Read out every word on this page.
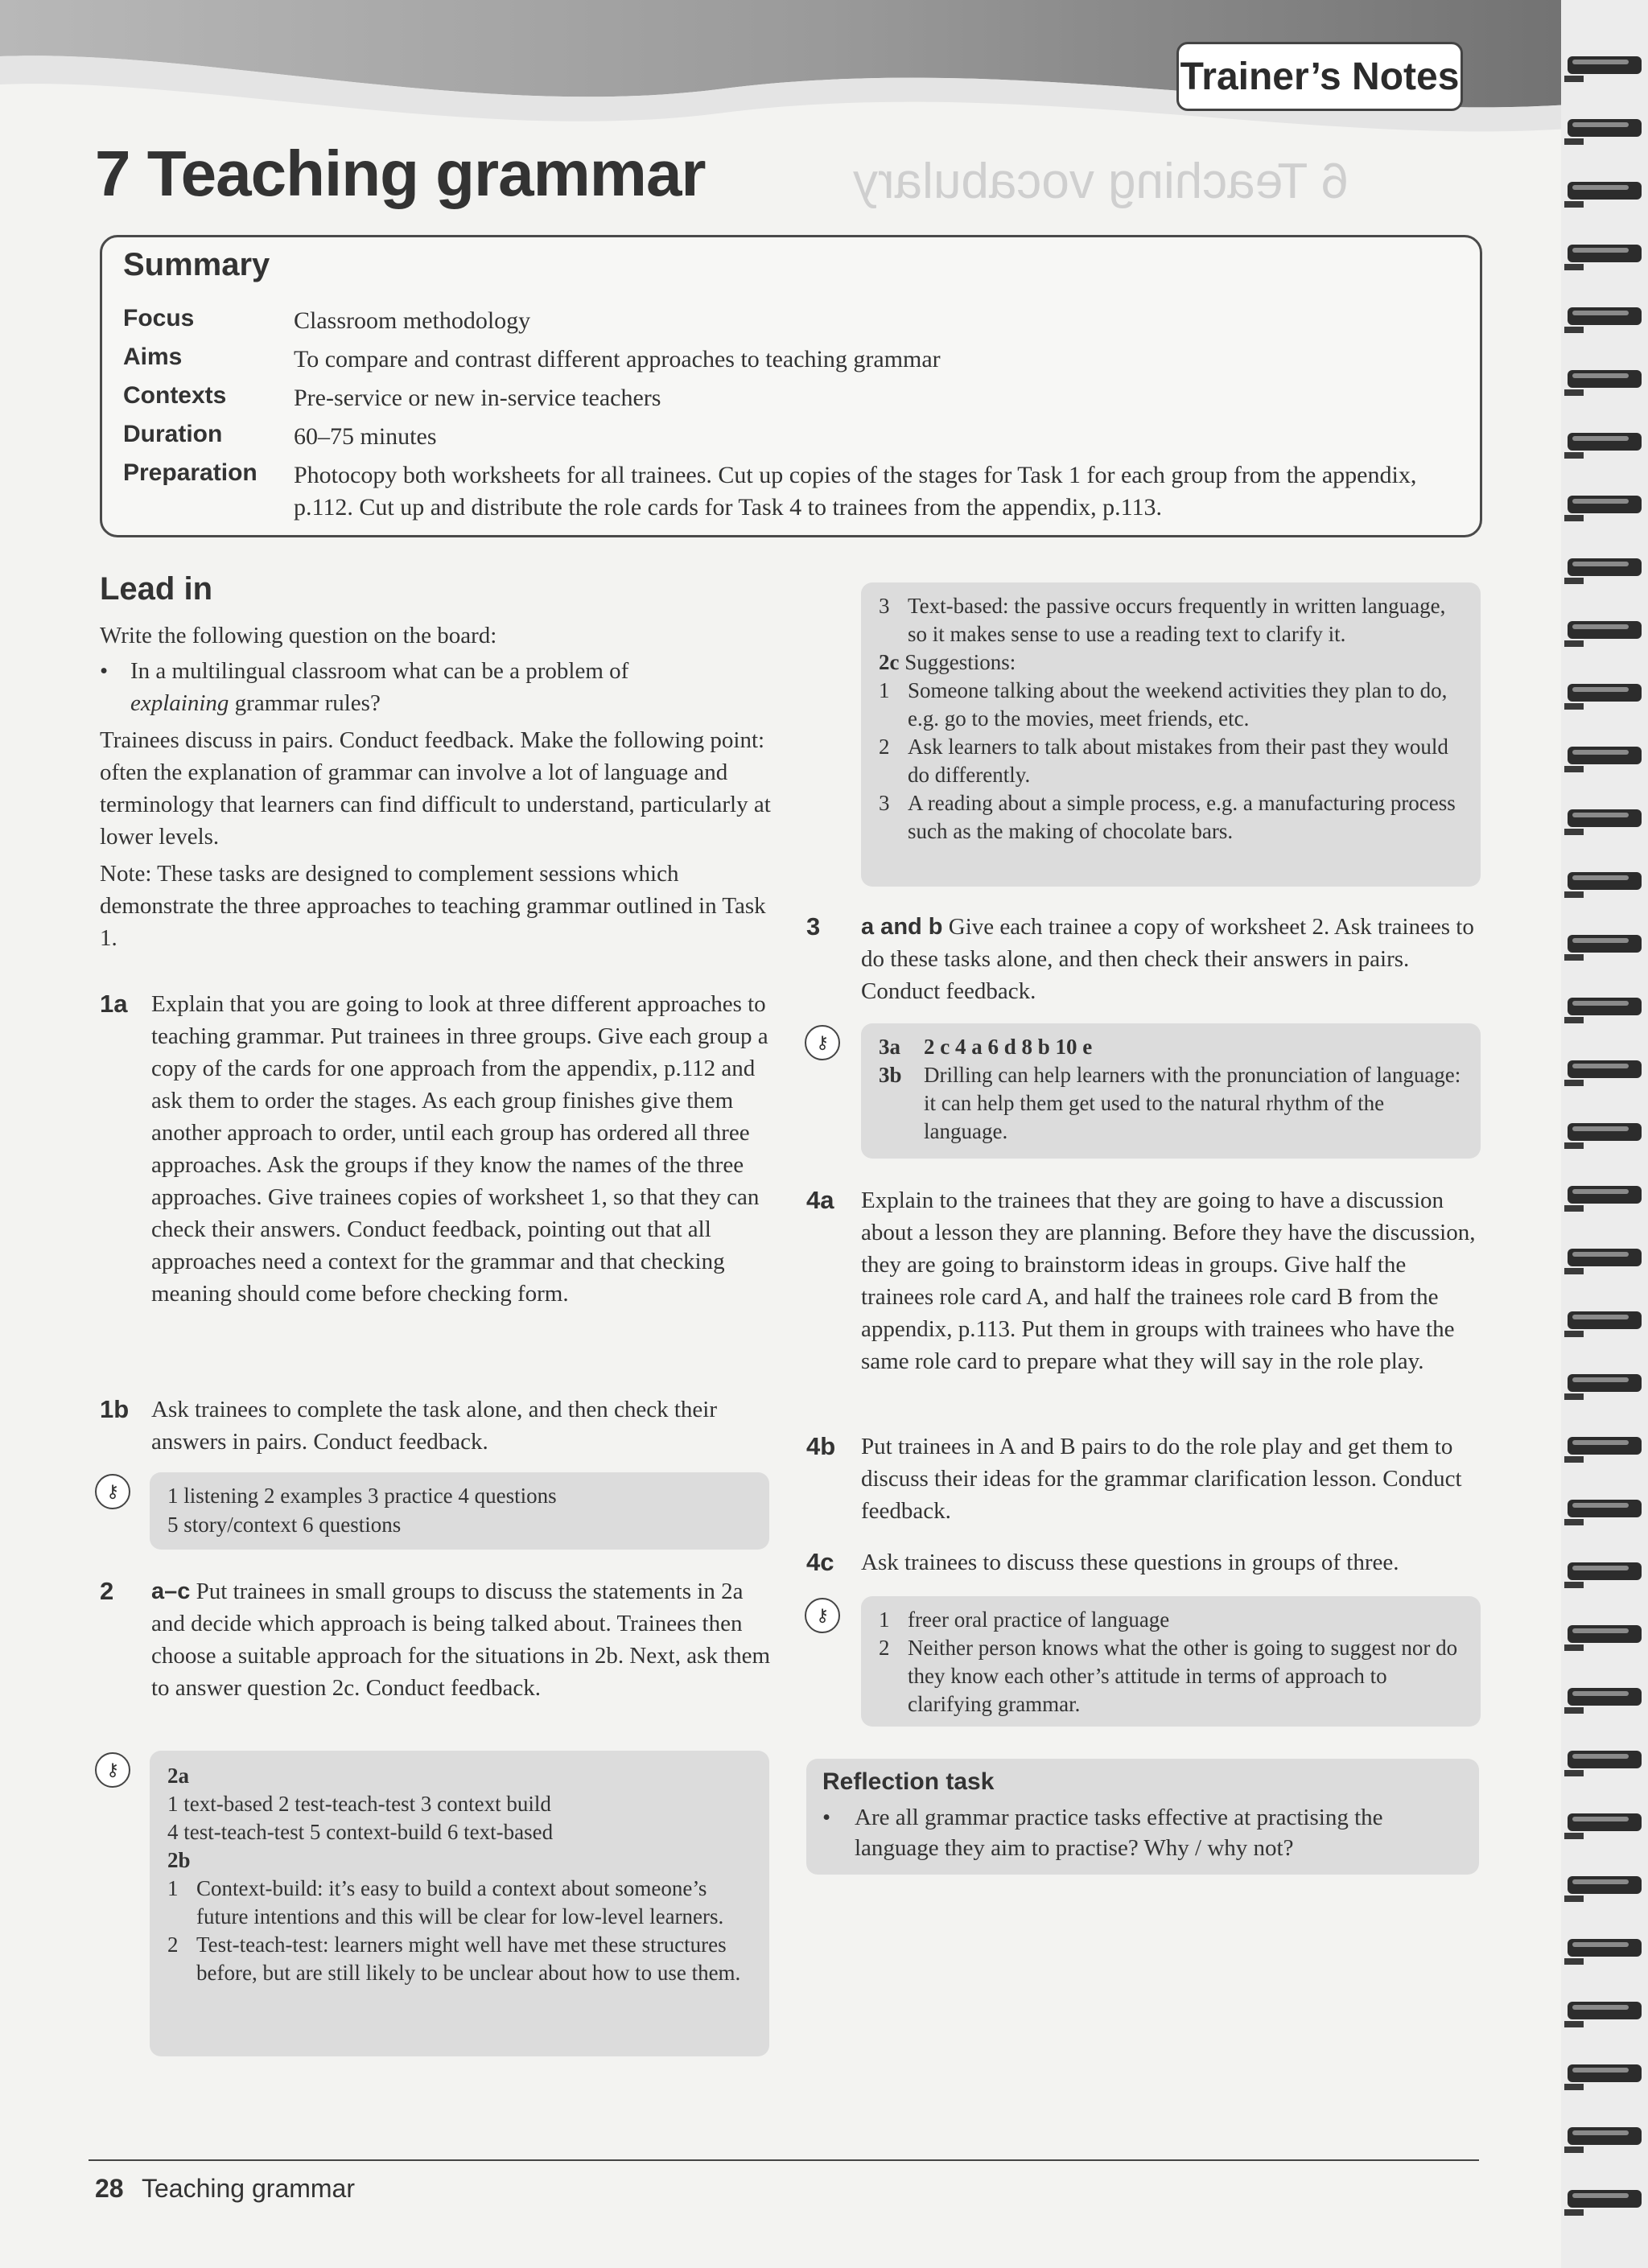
6 Teaching vocabulary
Trainer’s Notes
7 Teaching grammar
Summary
Focus	Classroom methodology
Aims	To compare and contrast different approaches to teaching grammar
Contexts	Pre-service or new in-service teachers
Duration	60–75 minutes
Preparation Photocopy both worksheets for all trainees. Cut up copies of the stages for Task 1 for each group from the appendix, p.112. Cut up and distribute the role cards for Task 4 to trainees from the appendix, p.113.
Lead in

Write the following question on the board:

• In a multilingual classroom what can be a problem of explaining grammar rules?

Trainees discuss in pairs. Conduct feedback. Make the following point: often the explanation of grammar can involve a lot of language and terminology that learners can find difficult to understand, particularly at lower levels.

Note: These tasks are designed to complement sessions which demonstrate the three approaches to teaching grammar outlined in Task 1.

1a Explain that you are going to look at three different approaches to teaching grammar. Put trainees in three groups. Give each group a copy of the cards for one approach from the appendix, p.112 and ask them to order the stages. As each group finishes give them another approach to order, until each group has ordered all three approaches. Ask the groups if they know the names of the three approaches. Give trainees copies of worksheet 1, so that they can check their answers. Conduct feedback, pointing out that all approaches need a context for the grammar and that checking meaning should come before checking form.

1b Ask trainees to complete the task alone, and then check their answers in pairs. Conduct feedback.

⚷	1 listening 2 examples 3 practice 4 questions
5 story/context 6 questions
2 a–c Put trainees in small groups to discuss the statements in 2a and decide which approach is being talked about. Trainees then choose a suitable approach for the situations in 2b. Next, ask them to answer question 2c. Conduct feedback.

⚷	2a
1 text-based 2 test-teach-test 3 context build
4 test-teach-test 5 context-build 6 text-based
2b
1 Context-build: it’s easy to build a context about someone’s future intentions and this will be clear for low-level learners.
2 Test-teach-test: learners might well have met these structures before, but are still likely to be unclear about how to use them.
3 Text-based: the passive occurs frequently in written language, so it makes sense to use a reading text to clarify it.
2c Suggestions:
1 Someone talking about the weekend activities they plan to do, e.g. go to the movies, meet friends, etc.
2 Ask learners to talk about mistakes from their past they would do differently.
3 A reading about a simple process, e.g. a manufacturing process such as the making of chocolate bars.
3 a and b Give each trainee a copy of worksheet 2. Ask trainees to do these tasks alone, and then check their answers in pairs. Conduct feedback.

⚷	3a	2 c 4 a 6 d 8 b 10 e
3b	Drilling can help learners with the pronunciation of language: it can help them get used to the natural rhythm of the language.
4a Explain to the trainees that they are going to have a discussion about a lesson they are planning. Before they have the discussion, they are going to brainstorm ideas in groups. Give half the trainees role card A, and half the trainees role card B from the appendix, p.113. Put them in groups with trainees who have the same role card to prepare what they will say in the role play.

4b Put trainees in A and B pairs to do the role play and get them to discuss their ideas for the grammar clarification lesson. Conduct feedback.

4c Ask trainees to discuss these questions in groups of three.

⚷	1 freer oral practice of language
2 Neither person knows what the other is going to suggest nor do they know each other’s attitude in terms of approach to clarifying grammar.
Reflection task
•	Are all grammar practice tasks effective at practising the language they aim to practise? Why / why not?
28 Teaching grammar
